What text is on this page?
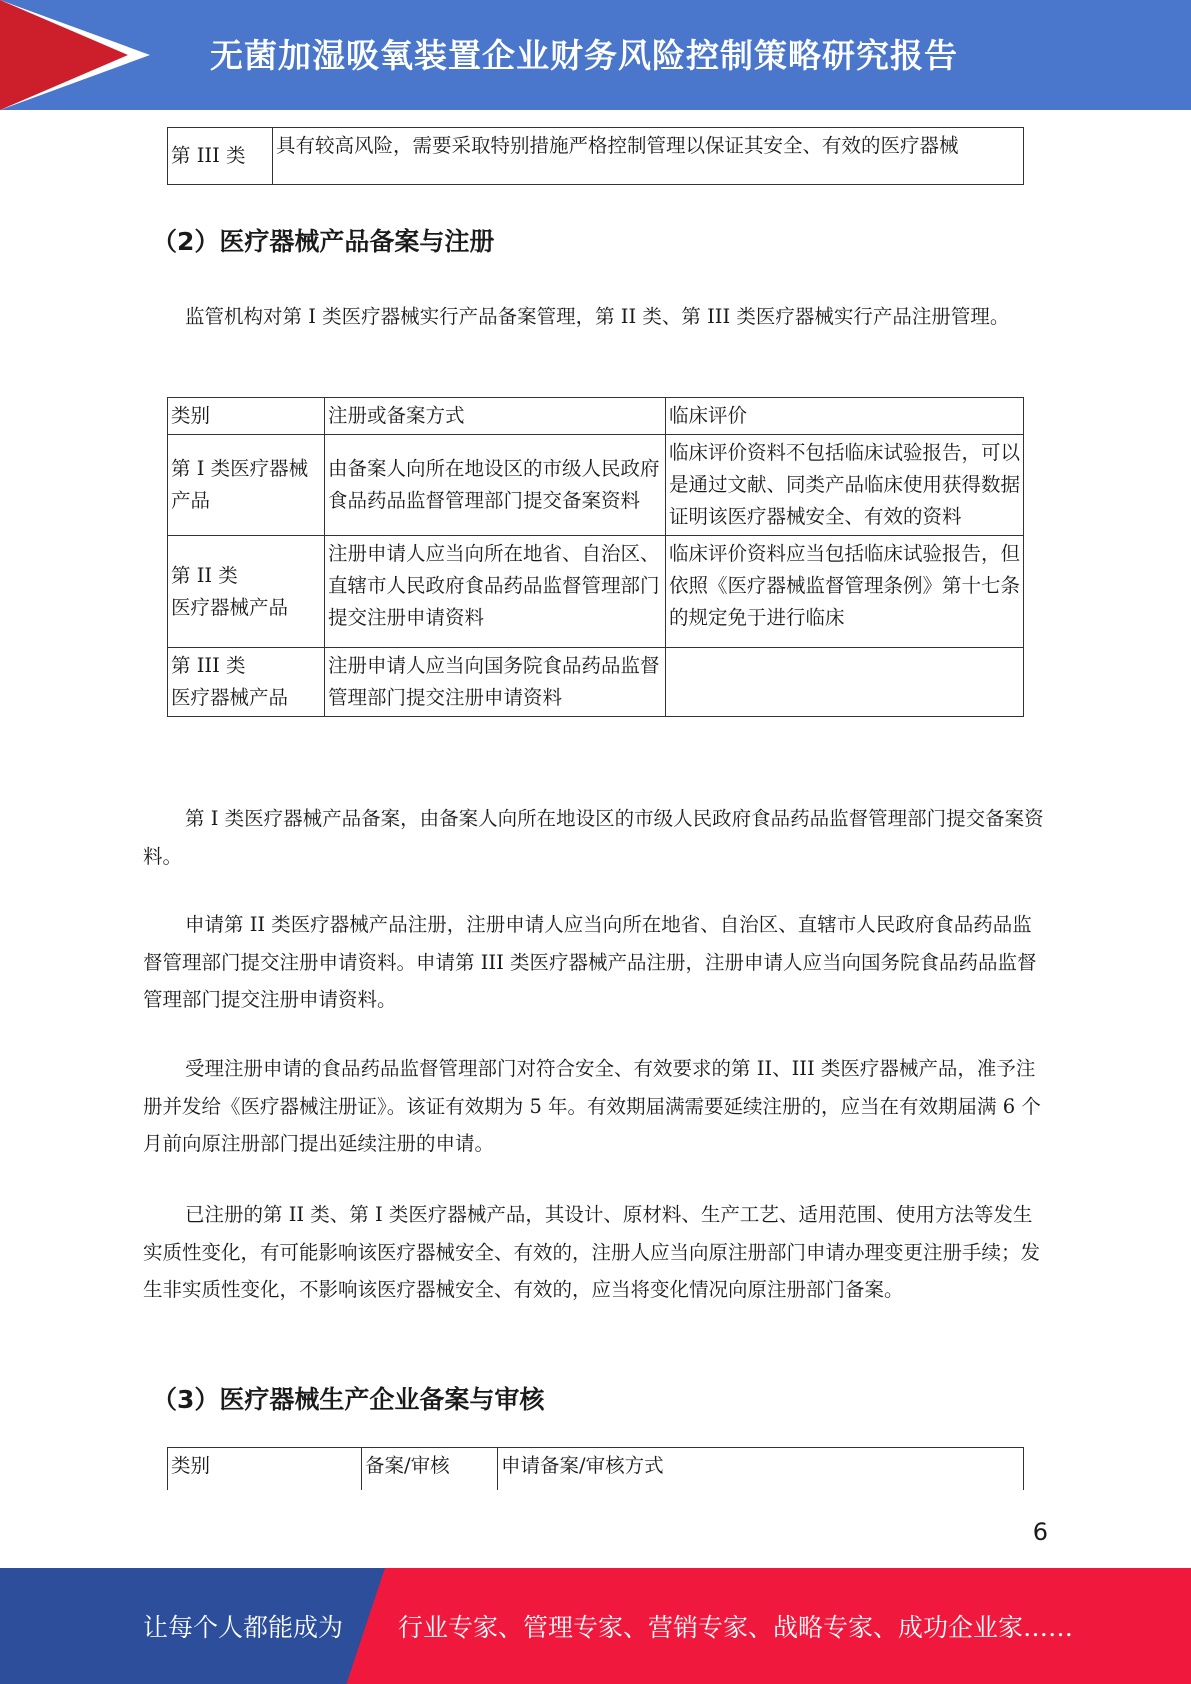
无菌加湿吸氧装置企业财务风险控制策略研究报告
第 III 类	具有较高风险，需要采取特别措施严格控制管理以保证其安全、有效的医疗器械
（2）医疗器械产品备案与注册

监管机构对第 I 类医疗器械实行产品备案管理，第 II 类、第 III 类医疗器械实行产品注册管理。

类别	注册或备案方式	临床评价
第 I 类医疗器械产品	由备案人向所在地设区的市级人民政府食品药品监督管理部门提交备案资料	临床评价资料不包括临床试验报告，可以是通过文献、同类产品临床使用获得数据证明该医疗器械安全、有效的资料
第 II 类
医疗器械产品	注册申请人应当向所在地省、自治区、直辖市人民政府食品药品监督管理部门提交注册申请资料	临床评价资料应当包括临床试验报告，但依照《医疗器械监督管理条例》第十七条的规定免于进行临床
第 III 类
医疗器械产品	注册申请人应当向国务院食品药品监督管理部门提交注册申请资料	

第 I 类医疗器械产品备案，由备案人向所在地设区的市级人民政府食品药品监督管理部门提交备案资料。

申请第 II 类医疗器械产品注册，注册申请人应当向所在地省、自治区、直辖市人民政府食品药品监督管理部门提交注册申请资料。申请第 III 类医疗器械产品注册，注册申请人应当向国务院食品药品监督管理部门提交注册申请资料。

受理注册申请的食品药品监督管理部门对符合安全、有效要求的第 II、III 类医疗器械产品，准予注册并发给《医疗器械注册证》。该证有效期为 5 年。有效期届满需要延续注册的，应当在有效期届满 6 个月前向原注册部门提出延续注册的申请。

已注册的第 II 类、第 I 类医疗器械产品，其设计、原材料、生产工艺、适用范围、使用方法等发生实质性变化，有可能影响该医疗器械安全、有效的，注册人应当向原注册部门申请办理变更注册手续；发生非实质性变化，不影响该医疗器械安全、有效的，应当将变化情况向原注册部门备案。

（3）医疗器械生产企业备案与审核
类别	备案/审核	申请备案/审核方式
6
让每个人都能成为 行业专家、管理专家、营销专家、战略专家、成功企业家……
